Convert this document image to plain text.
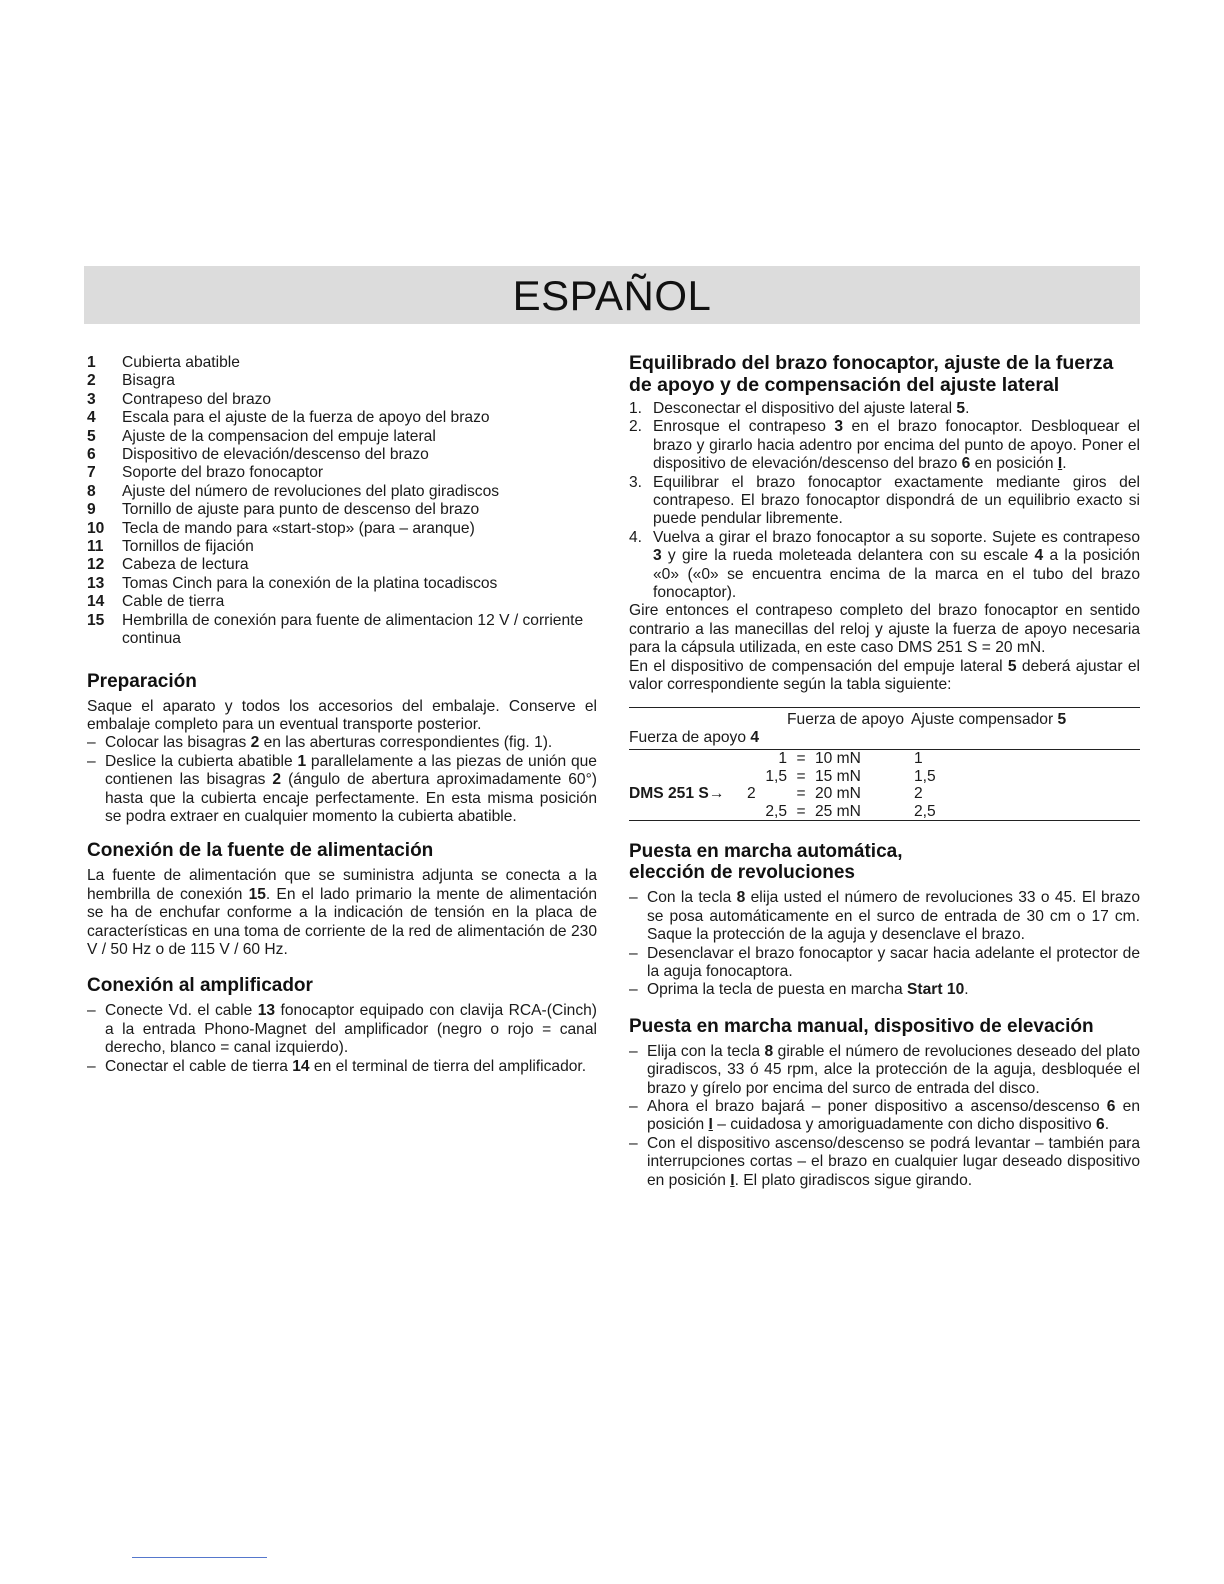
ESPAÑOL
1	Cubierta abatible
2	Bisagra
3	Contrapeso del brazo
4	Escala para el ajuste de la fuerza de apoyo del brazo
5	Ajuste de la compensacion del empuje lateral
6	Dispositivo de elevación/descenso del brazo
7	Soporte del brazo fonocaptor
8	Ajuste del número de revoluciones del plato giradiscos
9	Tornillo de ajuste para punto de descenso del brazo
10	Tecla de mando para «start-stop» (para – aranque)
11	Tornillos de fijación
12	Cabeza de lectura
13	Tomas Cinch para la conexión de la platina tocadiscos
14	Cable de tierra
15	Hembrilla de conexión para fuente de alimentacion 12 V / corriente continua
Preparación

Saque el aparato y todos los accesorios del embalaje. Conserve el embalaje completo para un eventual transporte posterior.

– Colocar las bisagras 2 en las aberturas correspondientes (fig. 1).
– Deslice la cubierta abatible 1 parallelamente a las piezas de unión que contienen las bisagras 2 (ángulo de abertura aproximadamente 60°) hasta que la cubierta encaje perfectamente. En esta misma posición se podra extraer en cualquier momento la cubierta abatible.
Conexión de la fuente de alimentación

La fuente de alimentación que se suministra adjunta se conecta a la hembrilla de conexión 15. En el lado primario la mente de alimentación se ha de enchufar conforme a la indicación de tensión en la placa de características en una toma de corriente de la red de alimentación de 230 V / 50 Hz o de 115 V / 60 Hz.

Conexión al amplificador
– Conecte Vd. el cable 13 fonocaptor equipado con clavija RCA-(Cinch) a la entrada Phono-Magnet del amplificador (negro o rojo = canal derecho, blanco = canal izquierdo).
– Conectar el cable de tierra 14 en el terminal de tierra del amplificador.
Equilibrado del brazo fonocaptor, ajuste de la fuerza de apoyo y de compensación del ajuste lateral
1. Desconectar el dispositivo del ajuste lateral 5.
2. Enrosque el contrapeso 3 en el brazo fonocaptor. Desbloquear el brazo y girarlo hacia adentro por encima del punto de apoyo. Poner el dispositivo de elevación/descenso del brazo 6 en posición I.
3. Equilibrar el brazo fonocaptor exactamente mediante giros del contrapeso. El brazo fonocaptor dispondrá de un equilibrio exacto si puede pendular libremente.
4. Vuelva a girar el brazo fonocaptor a su soporte. Sujete es contrapeso 3 y gire la rueda moleteada delantera con su escale 4 a la posición «0» («0» se encuentra encima de la marca en el tubo del brazo fonocaptor).

Gire entonces el contrapeso completo del brazo fonocaptor en sentido contrario a las manecillas del reloj y ajuste la fuerza de apoyo necesaria para la cápsula utilizada, en este caso DMS 251 S = 20 mN.

En el dispositivo de compensación del empuje lateral 5 deberá ajustar el valor correspondiente según la tabla siguiente:

		Fuerza de apoyo		Ajuste compensador 5
Fuerza de apoyo 4				
	1	=	10 mN	1
	1,5	=	15 mN	1,5
DMS 251 S→	2	=	20 mN	2
	2,5	=	25 mN	2,5
Puesta en marcha automática,
elección de revoluciones
– Con la tecla 8 elija usted el número de revoluciones 33 o 45. El brazo se posa automáticamente en el surco de entrada de 30 cm o 17 cm. Saque la protección de la aguja y desenclave el brazo.
– Desenclavar el brazo fonocaptor y sacar hacia adelante el protector de la aguja fonocaptora.
– Oprima la tecla de puesta en marcha Start 10.
Puesta en marcha manual, dispositivo de elevación
– Elija con la tecla 8 girable el número de revoluciones deseado del plato giradiscos, 33 ó 45 rpm, alce la protección de la aguja, desbloquée el brazo y gírelo por encima del surco de entrada del disco.
– Ahora el brazo bajará – poner dispositivo a ascenso/descenso 6 en posición I – cuidadosa y amoriguadamente con dicho dispositivo 6.
– Con el dispositivo ascenso/descenso se podrá levantar – también para interrupciones cortas – el brazo en cualquier lugar deseado dispositivo en posición I. El plato giradiscos sigue girando.
